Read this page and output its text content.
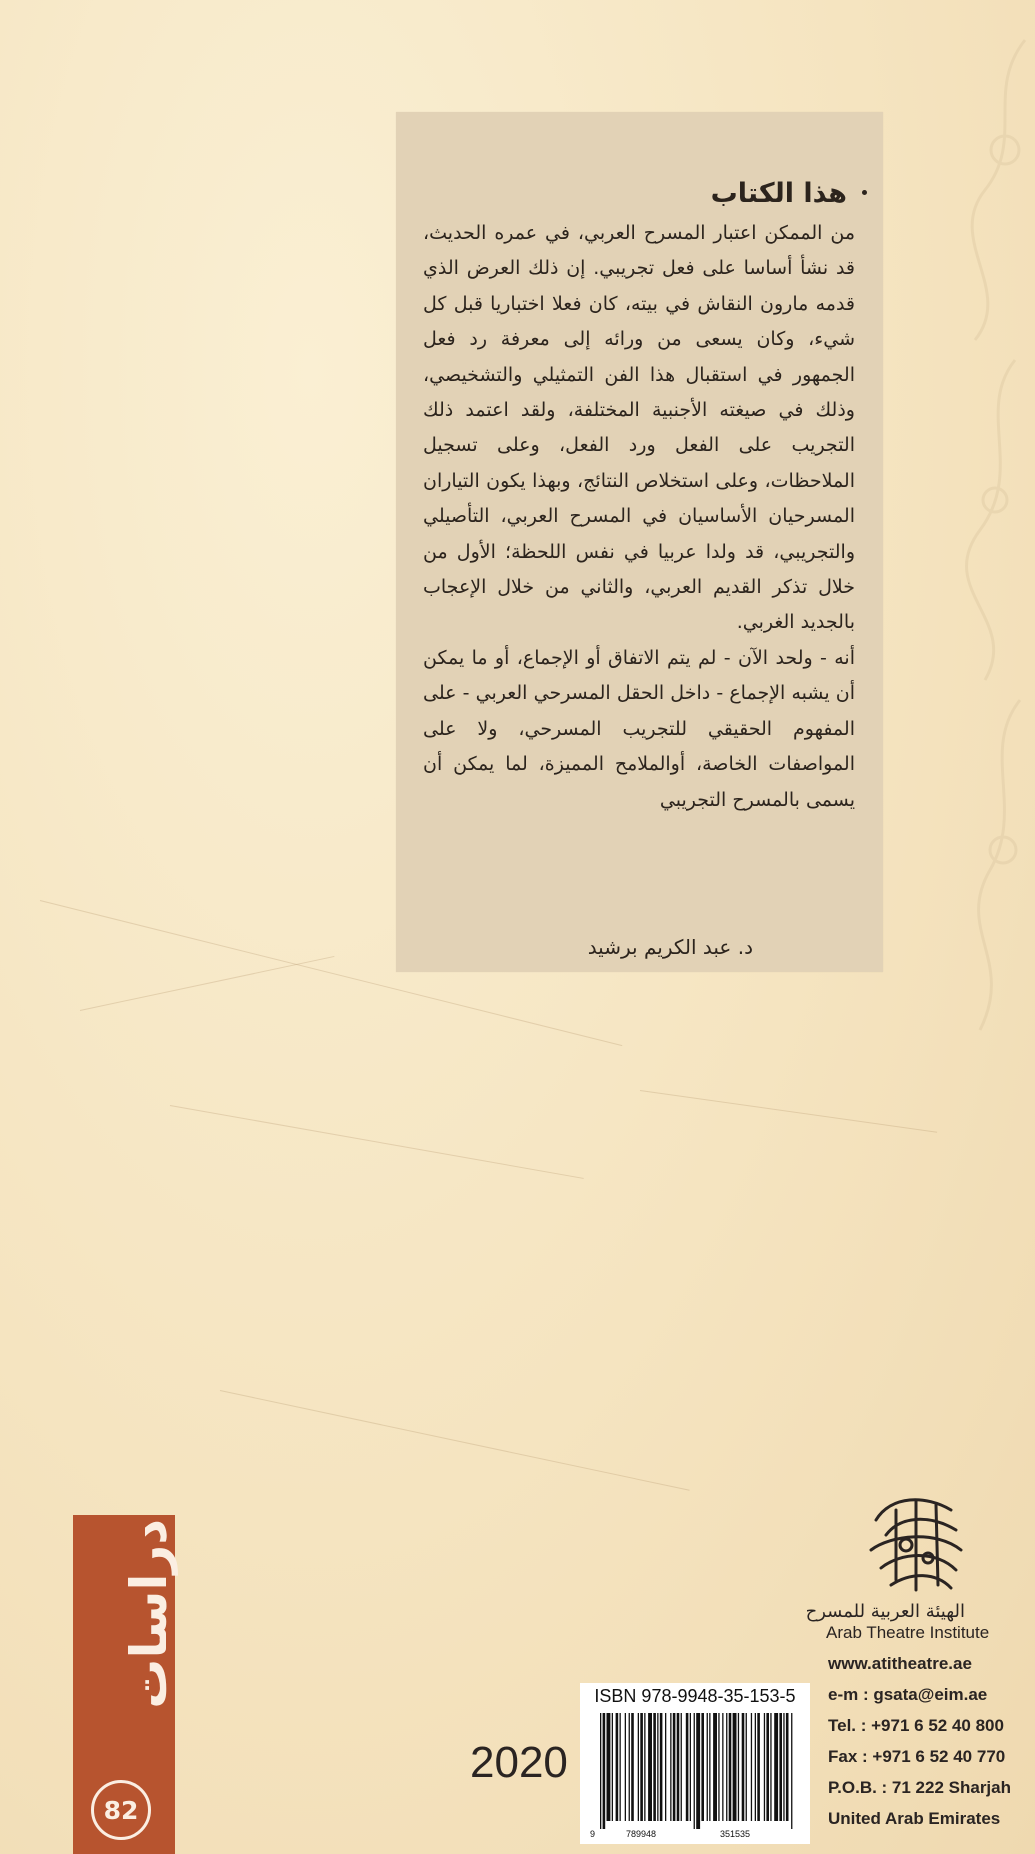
هذا الكتاب

من الممكن اعتبار المسرح العربي، في عمره الحديث، قد نشأ أساسا على فعل تجريبي. إن ذلك العرض الذي قدمه مارون النقاش في بيته، كان فعلا اختباريا قبل كل شيء، وكان يسعى من ورائه إلى معرفة رد فعل الجمهور في استقبال هذا الفن التمثيلي والتشخيصي، وذلك في صيغته الأجنبية المختلفة، ولقد اعتمد ذلك التجريب على الفعل ورد الفعل، وعلى تسجيل الملاحظات، وعلى استخلاص النتائج، وبهذا يكون التياران المسرحيان الأساسيان في المسرح العربي، التأصيلي والتجريبي، قد ولدا عربيا في نفس اللحظة؛ الأول من خلال تذكر القديم العربي، والثاني من خلال الإعجاب بالجديد الغربي.

أنه - ولحد الآن - لم يتم الاتفاق أو الإجماع، أو ما يمكن أن يشبه الإجماع - داخل الحقل المسرحي العربي - على المفهوم الحقيقي للتجريب المسرحي، ولا على المواصفات الخاصة، أوالملامح المميزة، لما يمكن أن يسمى بالمسرح التجريبي

د. عبد الكريم برشيد
دراسات
82
2020
ISBN 978-9948-35-153-5
9	789948	351535
الهيئة العربية للمسرح
Arab Theatre Institute
www.atitheatre.ae
e-m : gsata@eim.ae
Tel. : +971 6 52 40 800
Fax : +971 6 52 40 770
P.O.B. : 71 222 Sharjah
United Arab Emirates
